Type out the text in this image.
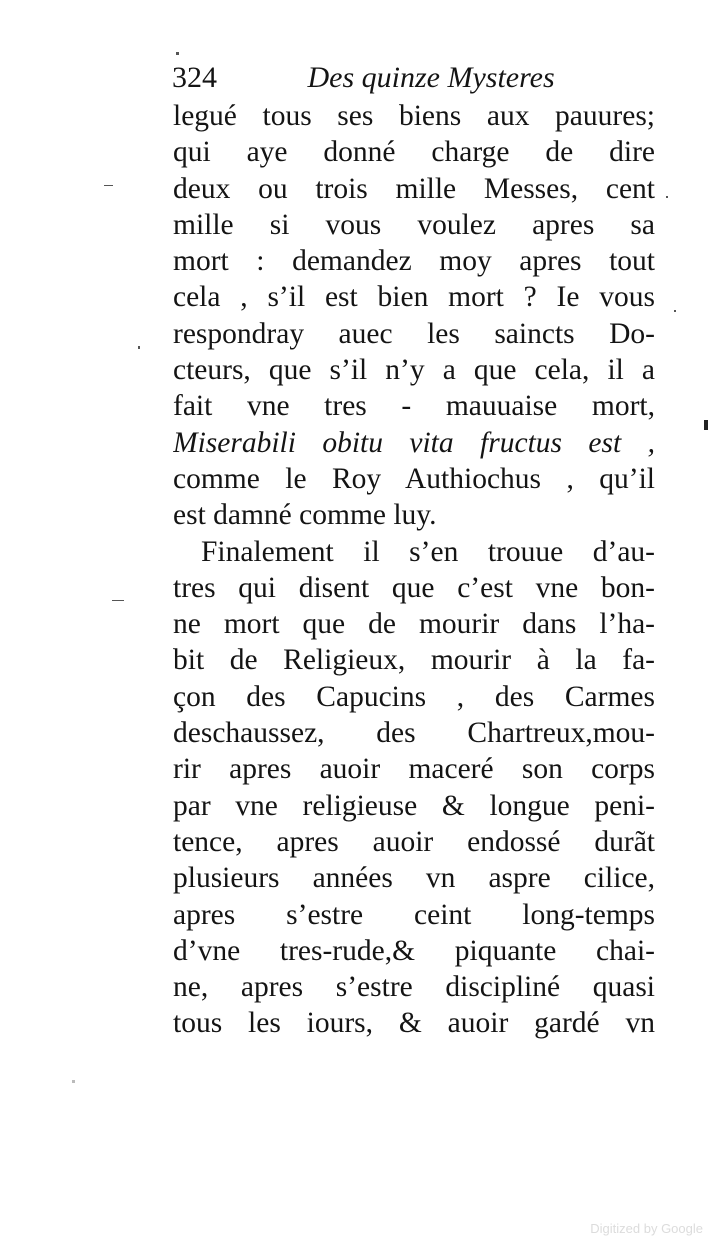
324	Des quinze Mysteres
legué tous ses biens aux pauures;
qui aye donné charge de dire
deux ou trois mille Messes, cent
mille si vous voulez apres sa
mort : demandez moy apres tout
cela , s’il est bien mort ? Ie vous
respondray auec les saincts Do-
cteurs, que s’il n’y a que cela, il a
fait vne tres - mauuaise mort,
Miserabili obitu vita fructus est ,
comme le Roy Authiochus , qu’il
est damné comme luy.
Finalement il s’en trouue d’au-
tres qui disent que c’est vne bon-
ne mort que de mourir dans l’ha-
bit de Religieux, mourir à la fa-
çon des Capucins , des Carmes
deschaussez, des Chartreux,mou-
rir apres auoir maceré son corps
par vne religieuse & longue peni-
tence, apres auoir endossé durãt
plusieurs années vn aspre cilice,
apres s’estre ceint long-temps
d’vne tres-rude,& piquante chai-
ne, apres s’estre discipliné quasi
tous les iours, & auoir gardé vn
Digitized by Google
